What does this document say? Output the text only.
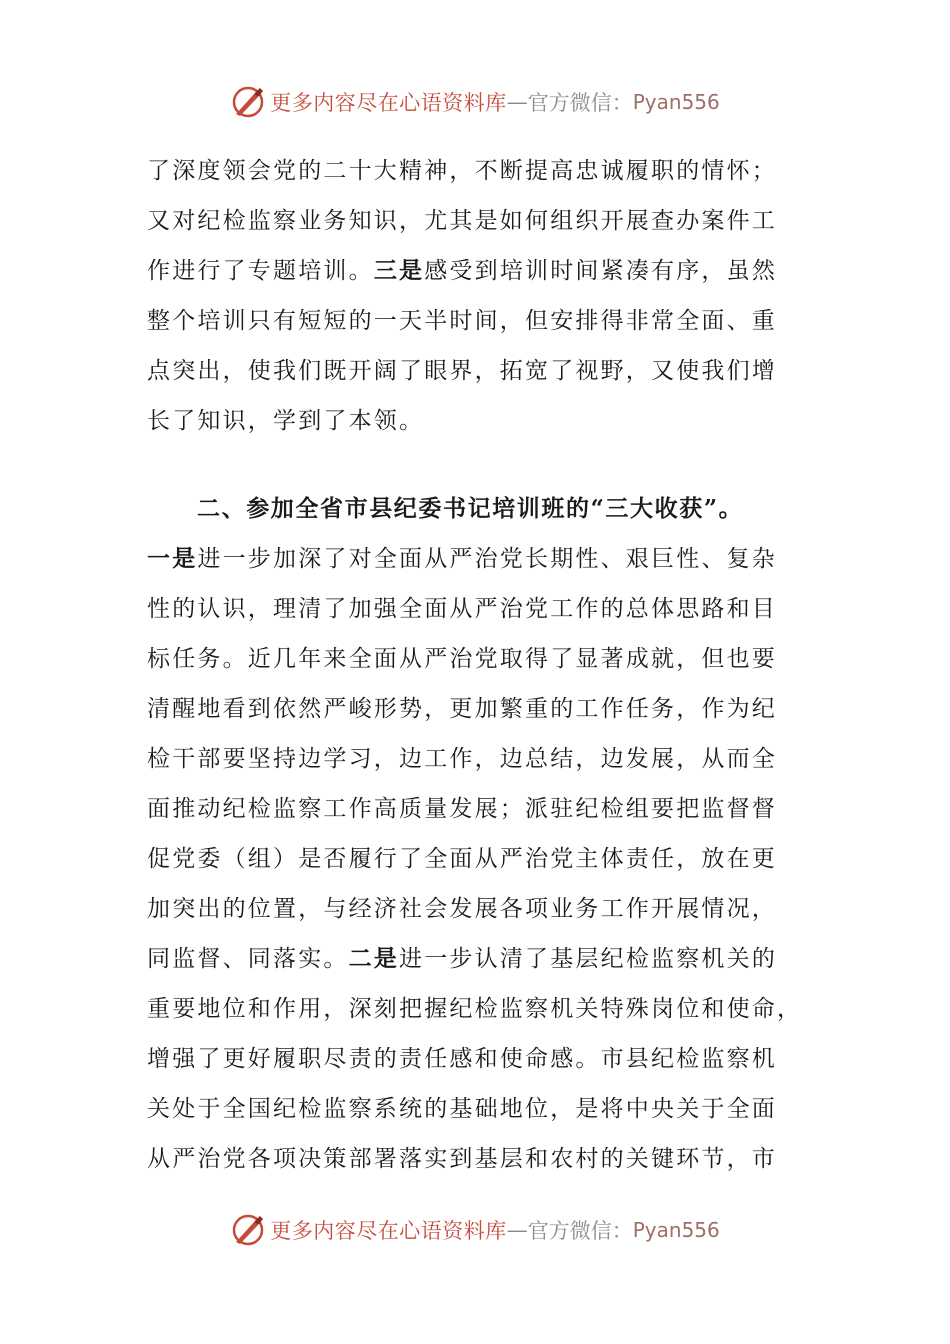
更多内容尽在心语资料库 — 官方微信： Pyan556
了深度领会党的二十大精神，不断提高忠诚履职的情怀；
又对纪检监察业务知识，尤其是如何组织开展查办案件工
作进行了专题培训。三是感受到培训时间紧凑有序，虽然
整个培训只有短短的一天半时间，但安排得非常全面、重
点突出，使我们既开阔了眼界，拓宽了视野，又使我们增
长了知识，学到了本领。
二、参加全省市县纪委书记培训班的“三大收获”。
一是进一步加深了对全面从严治党长期性、艰巨性、复杂
性的认识，理清了加强全面从严治党工作的总体思路和目
标任务。近几年来全面从严治党取得了显著成就，但也要
清醒地看到依然严峻形势，更加繁重的工作任务，作为纪
检干部要坚持边学习，边工作，边总结，边发展，从而全
面推动纪检监察工作高质量发展；派驻纪检组要把监督督
促党委（组）是否履行了全面从严治党主体责任，放在更
加突出的位置，与经济社会发展各项业务工作开展情况，
同监督、同落实。二是进一步认清了基层纪检监察机关的
重要地位和作用，深刻把握纪检监察机关特殊岗位和使命，
增强了更好履职尽责的责任感和使命感。市县纪检监察机
关处于全国纪检监察系统的基础地位，是将中央关于全面
从严治党各项决策部署落实到基层和农村的关键环节，市
更多内容尽在心语资料库 — 官方微信： Pyan556
